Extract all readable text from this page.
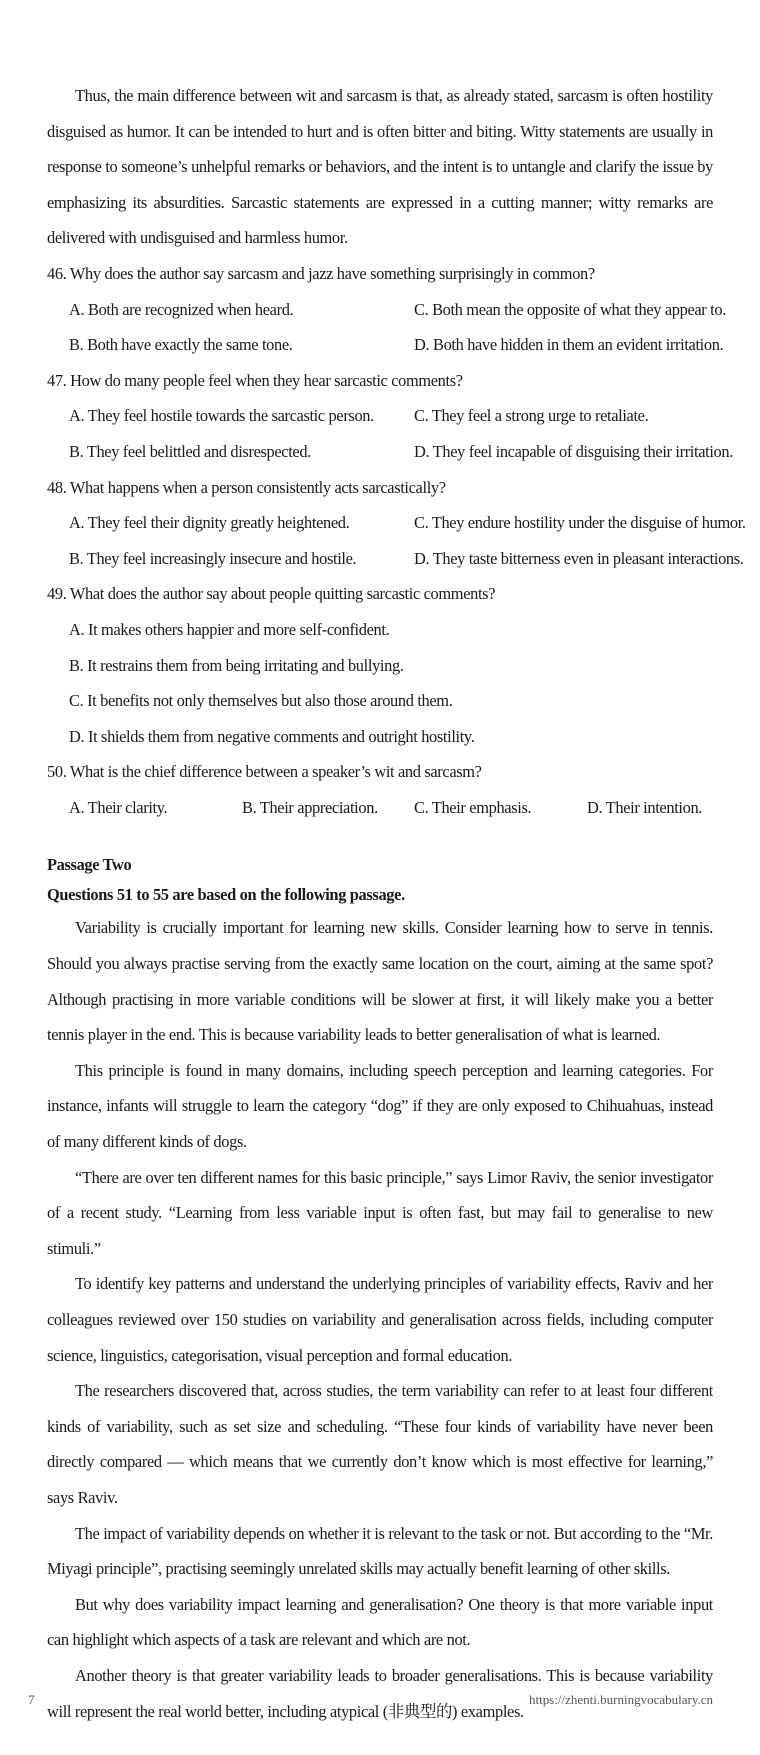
Thus, the main difference between wit and sarcasm is that, as already stated, sarcasm is often hostility disguised as humor. It can be intended to hurt and is often bitter and biting. Witty statements are usually in response to someone’s unhelpful remarks or behaviors, and the intent is to untangle and clarify the issue by emphasizing its absurdities. Sarcastic statements are expressed in a cutting manner; witty remarks are delivered with undisguised and harmless humor.

46. Why does the author say sarcasm and jazz have something surprisingly in common?
A. Both are recognized when heard.	C. Both mean the opposite of what they appear to.
B. Both have exactly the same tone.	D. Both have hidden in them an evident irritation.
47. How do many people feel when they hear sarcastic comments?
A. They feel hostile towards the sarcastic person. C. They feel a strong urge to retaliate.
B. They feel belittled and disrespected.	D. They feel incapable of disguising their irritation.
48. What happens when a person consistently acts sarcastically?
A. They feel their dignity greatly heightened.	C. They endure hostility under the disguise of humor.
B. They feel increasingly insecure and hostile.	D. They taste bitterness even in pleasant interactions.
49. What does the author say about people quitting sarcastic comments?
A. It makes others happier and more self-confident.
B. It restrains them from being irritating and bullying.
C. It benefits not only themselves but also those around them.
D. It shields them from negative comments and outright hostility.
50. What is the chief difference between a speaker’s wit and sarcasm?
A. Their clarity.	B. Their appreciation. C. Their emphasis.	D. Their intention.
Passage Two
Questions 51 to 55 are based on the following passage.

Variability is crucially important for learning new skills. Consider learning how to serve in tennis. Should you always practise serving from the exactly same location on the court, aiming at the same spot? Although practising in more variable conditions will be slower at first, it will likely make you a better tennis player in the end. This is because variability leads to better generalisation of what is learned.

This principle is found in many domains, including speech perception and learning categories. For instance, infants will struggle to learn the category “dog” if they are only exposed to Chihuahuas, instead of many different kinds of dogs.

“There are over ten different names for this basic principle,” says Limor Raviv, the senior investigator of a recent study. “Learning from less variable input is often fast, but may fail to generalise to new stimuli.”

To identify key patterns and understand the underlying principles of variability effects, Raviv and her colleagues reviewed over 150 studies on variability and generalisation across fields, including computer science, linguistics, categorisation, visual perception and formal education.

The researchers discovered that, across studies, the term variability can refer to at least four different kinds of variability, such as set size and scheduling. “These four kinds of variability have never been directly compared — which means that we currently don’t know which is most effective for learning,” says Raviv.

The impact of variability depends on whether it is relevant to the task or not. But according to the “Mr. Miyagi principle”, practising seemingly unrelated skills may actually benefit learning of other skills.

But why does variability impact learning and generalisation? One theory is that more variable input can highlight which aspects of a task are relevant and which are not.

Another theory is that greater variability leads to broader generalisations. This is because variability will represent the real world better, including atypical (非典型的) examples.

7	https://zhenti.burningvocabulary.cn
